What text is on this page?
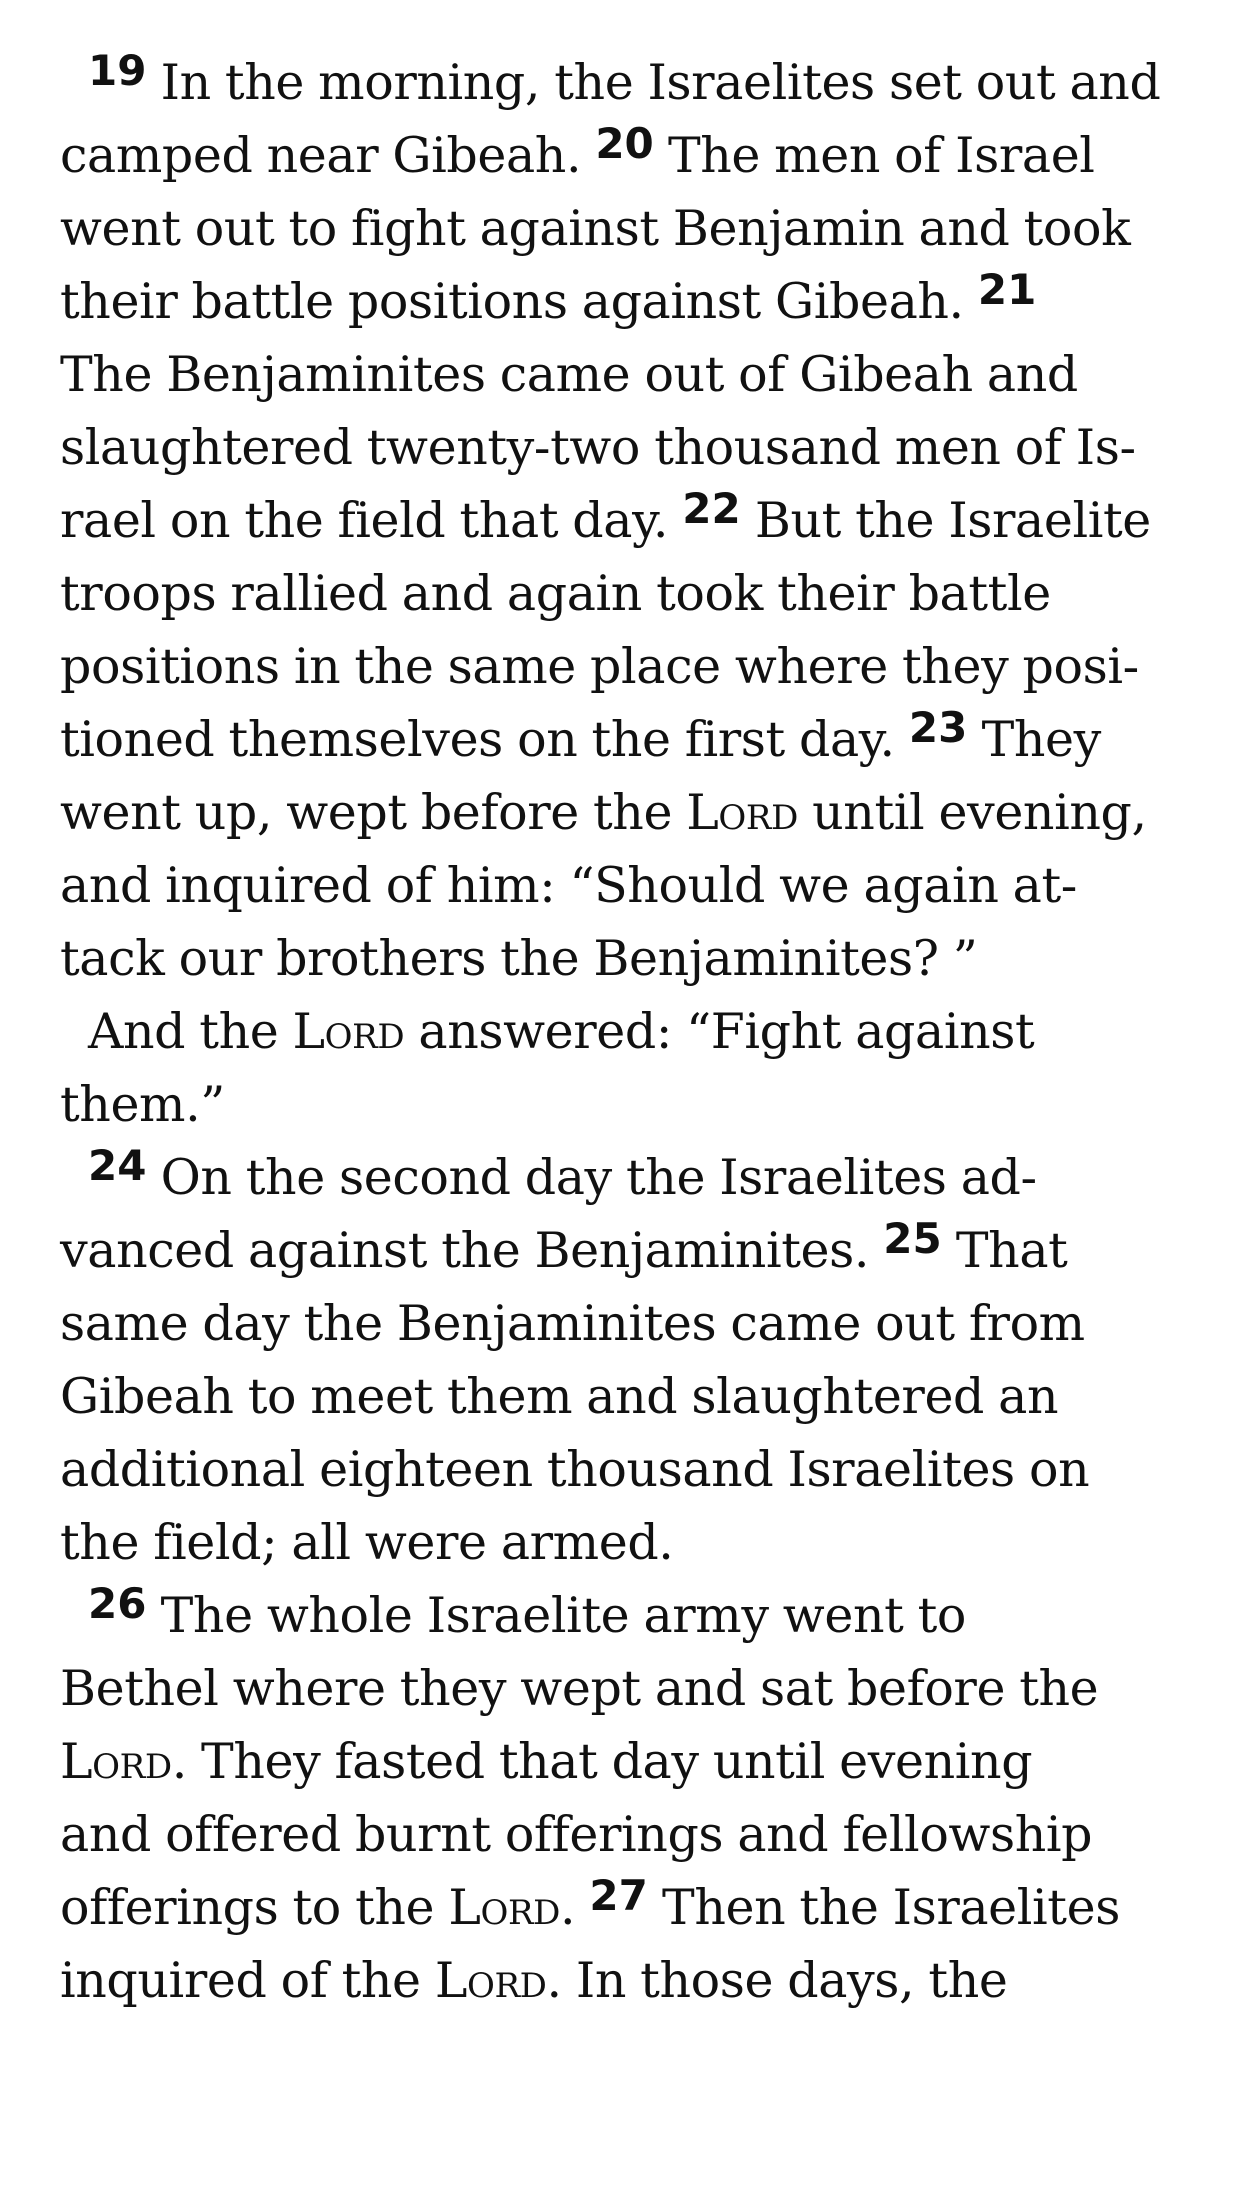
19 In the morning, the Israelites set out and
camped near Gibeah. 20 The men of Israel
went out to fight against Benjamin and took
their battle positions against Gibeah. 21
The Benjaminites came out of Gibeah and
slaughtered twenty-two thousand men of Is-
rael on the field that day. 22 But the Israelite
troops rallied and again took their battle
positions in the same place where they posi-
tioned themselves on the first day. 23 They
went up, wept before the Lord until evening,
and inquired of him: “Should we again at-
tack our brothers the Benjaminites? ”
And the Lord answered: “Fight against
them.”
24 On the second day the Israelites ad-
vanced against the Benjaminites. 25 That
same day the Benjaminites came out from
Gibeah to meet them and slaughtered an
additional eighteen thousand Israelites on
the field; all were armed.
26 The whole Israelite army went to
Bethel where they wept and sat before the
Lord. They fasted that day until evening
and offered burnt offerings and fellowship
offerings to the Lord. 27 Then the Israelites
inquired of the Lord. In those days, the
